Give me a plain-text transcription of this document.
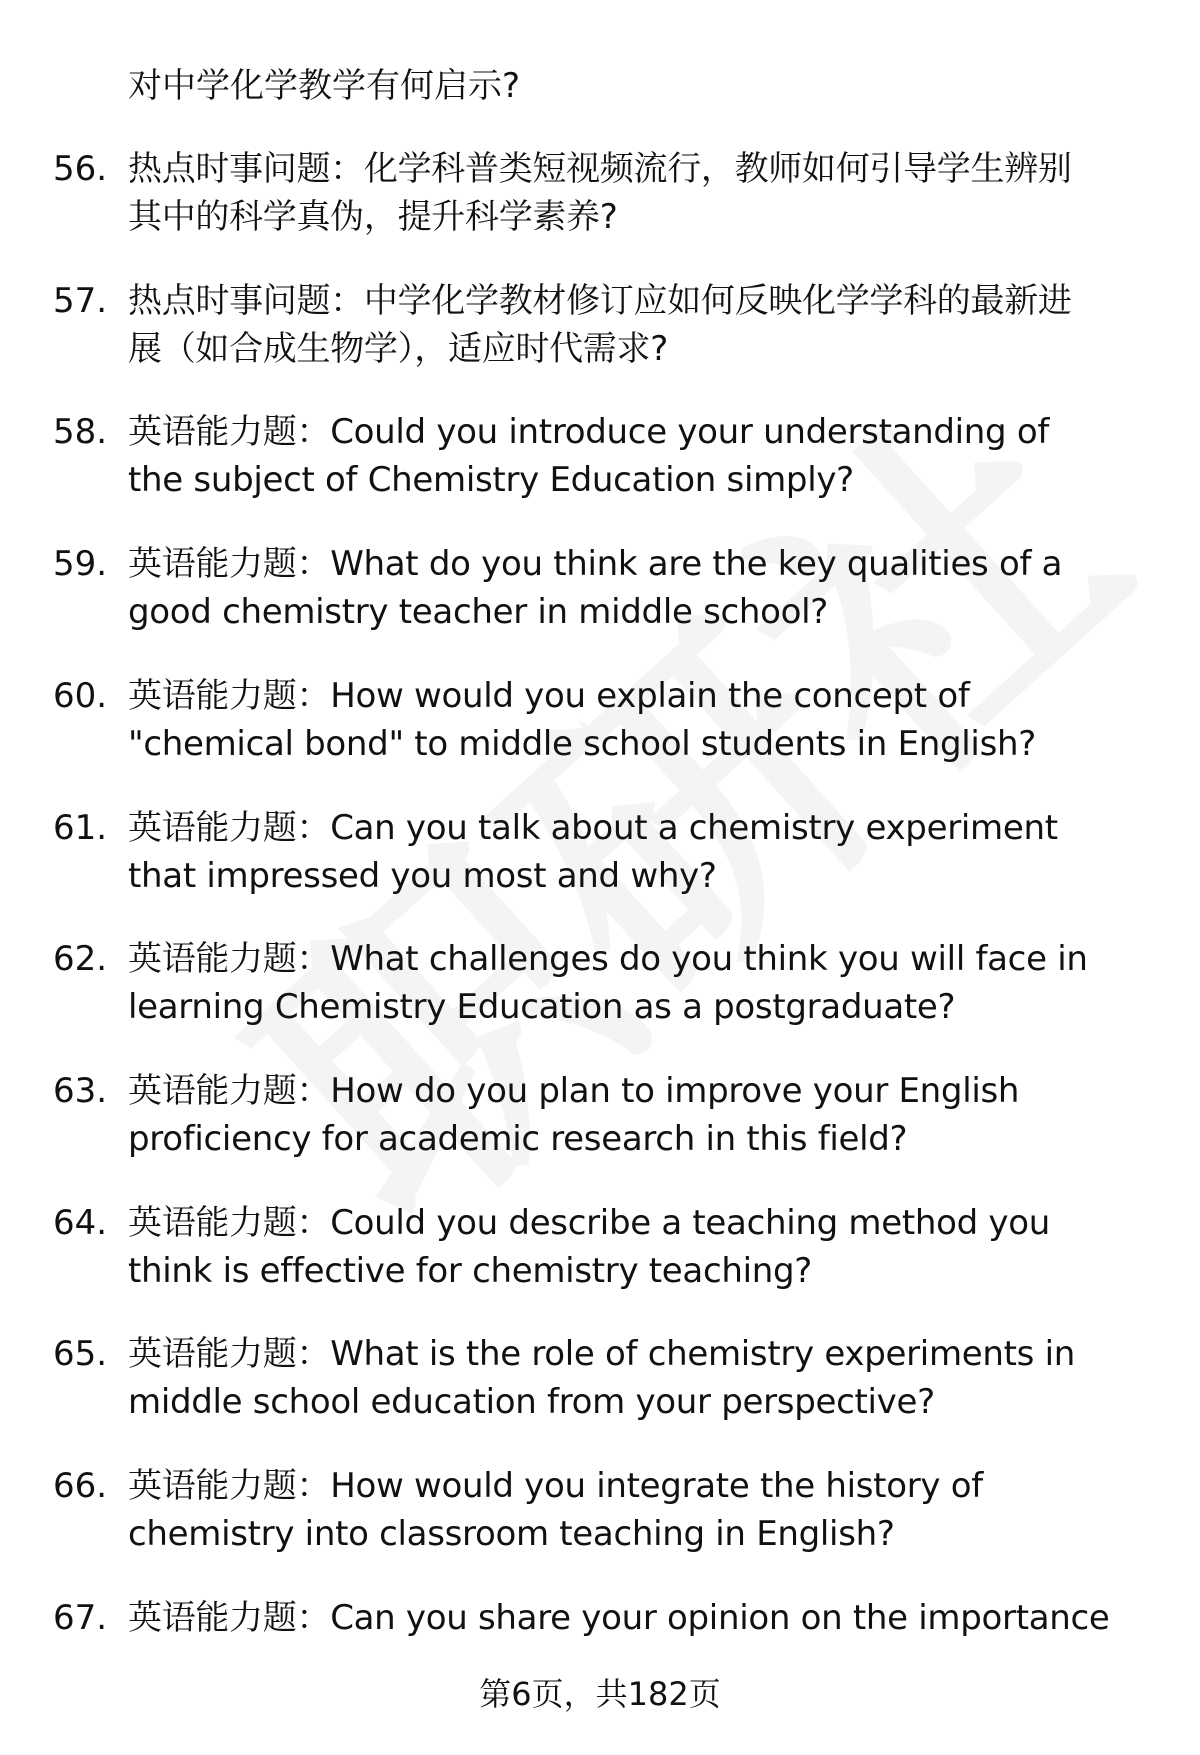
对中学化学教学有何启示?
56. 热点时事问题：化学科普类短视频流行，教师如何引导学生辨别
其中的科学真伪，提升科学素养?
57. 热点时事问题：中学化学教材修订应如何反映化学学科的最新进
展（如合成生物学），适应时代需求?
58. 英语能力题：Could you introduce your understanding of
the subject of Chemistry Education simply?
59. 英语能力题：What do you think are the key qualities of a
good chemistry teacher in middle school?
60. 英语能力题：How would you explain the concept of
"chemical bond" to middle school students in English?
61. 英语能力题：Can you talk about a chemistry experiment
that impressed you most and why?
62. 英语能力题：What challenges do you think you will face in
learning Chemistry Education as a postgraduate?
63. 英语能力题：How do you plan to improve your English
proficiency for academic research in this field?
64. 英语能力题：Could you describe a teaching method you
think is effective for chemistry teaching?
65. 英语能力题：What is the role of chemistry experiments in
middle school education from your perspective?
66. 英语能力题：How would you integrate the history of
chemistry into classroom teaching in English?
67. 英语能力题：Can you share your opinion on the importance
第6页，共182页
